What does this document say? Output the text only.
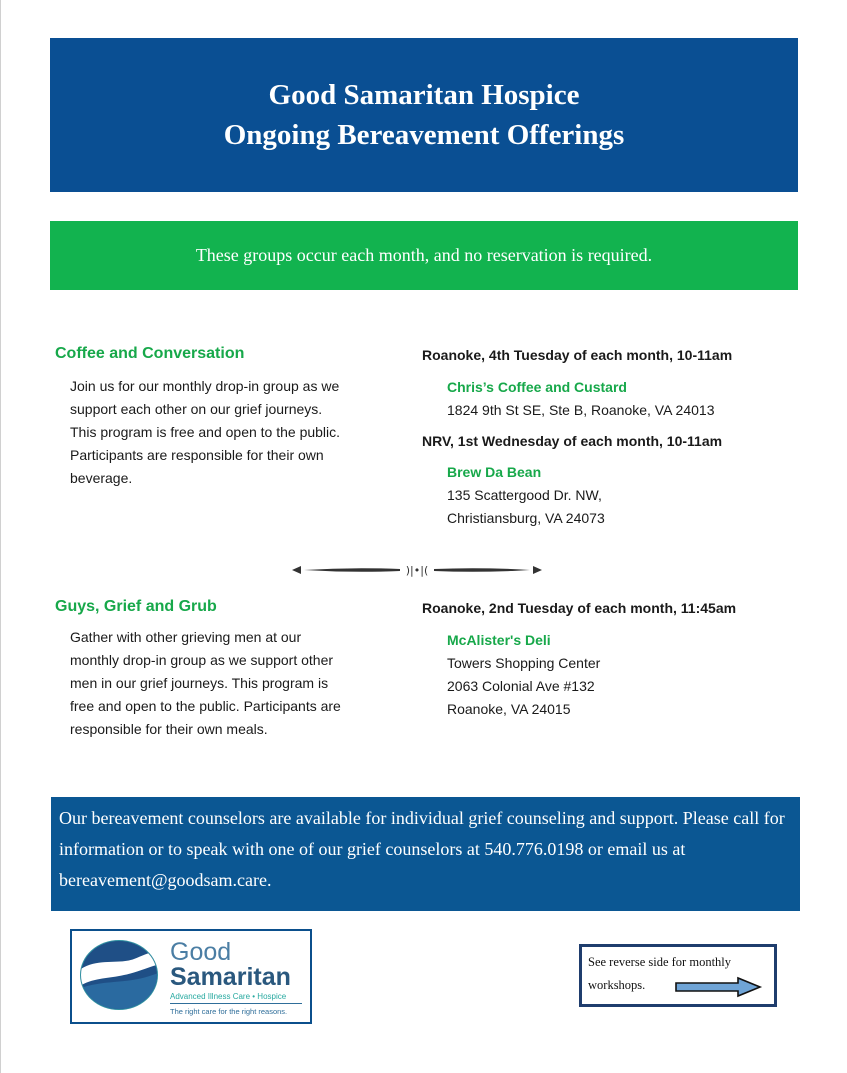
Good Samaritan Hospice
Ongoing Bereavement Offerings
These groups occur each month, and no reservation is required.
Coffee and Conversation
Join us for our monthly drop-in group as we support each other on our grief journeys. This program is free and open to the public. Participants are responsible for their own beverage.
Roanoke, 4th Tuesday of each month, 10-11am
Chris’s Coffee and Custard
1824 9th St SE, Ste B, Roanoke, VA 24013
NRV, 1st Wednesday of each month, 10-11am
Brew Da Bean
135 Scattergood Dr. NW,
Christiansburg, VA 24073
)|•|(
Guys, Grief and Grub
Gather with other grieving men at our monthly drop-in group as we support other men in our grief journeys. This program is free and open to the public. Participants are responsible for their own meals.
Roanoke, 2nd Tuesday of each month, 11:45am
McAlister's Deli
Towers Shopping Center
2063 Colonial Ave #132
Roanoke, VA 24015

Our bereavement counselors are available for individual grief counseling and support. Please call for information or to speak with one of our grief counselors at 540.776.0198 or email us at bereavement@goodsam.care.

Good
Samaritan
Advanced Illness Care • Hospice
The right care for the right reasons.
See reverse side for monthly
workshops.
